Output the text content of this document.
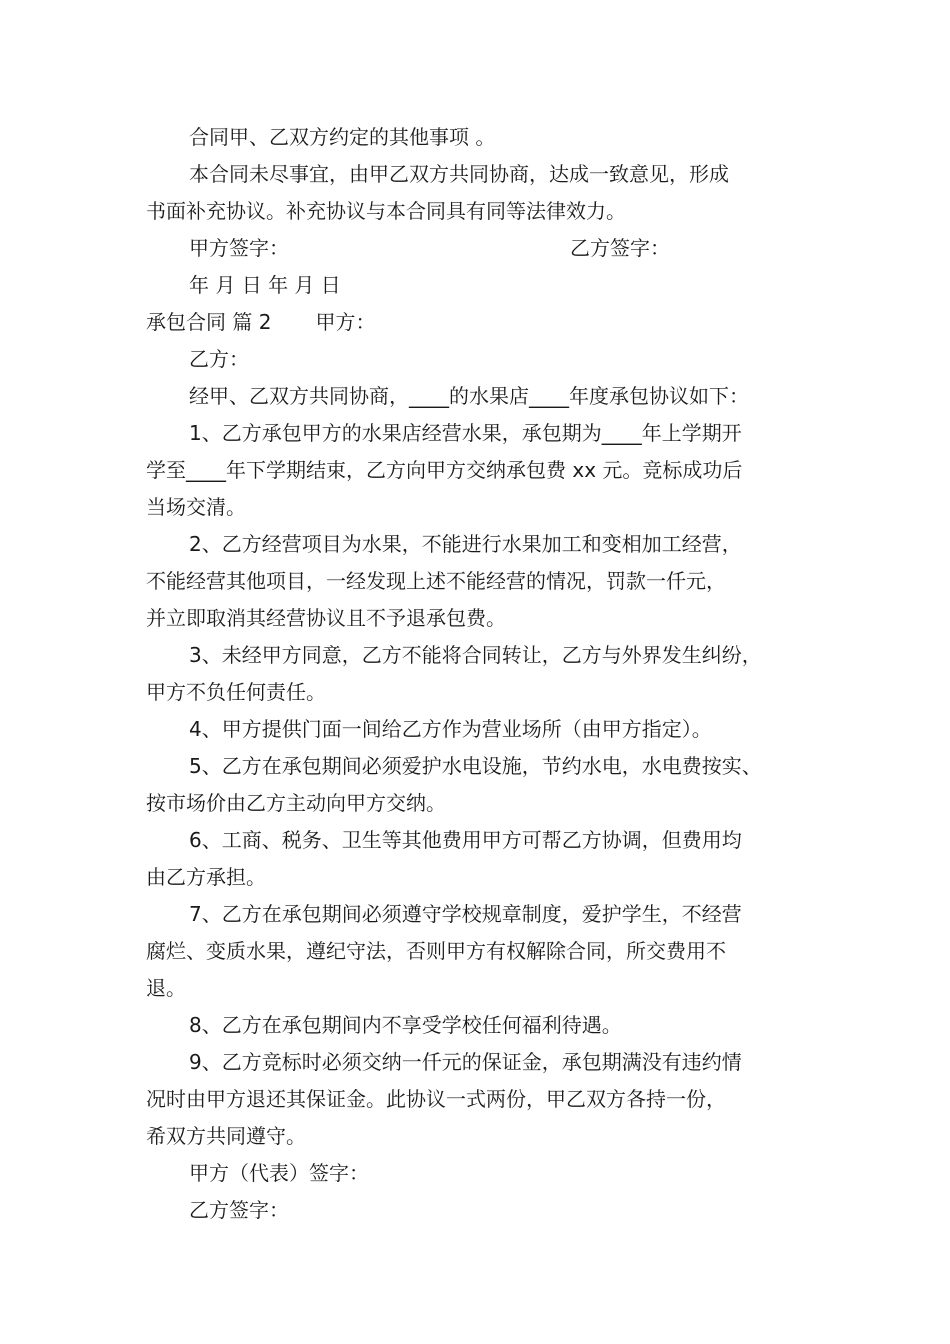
合同甲、乙双方约定的其他事项 。
本合同未尽事宜，由甲乙双方共同协商，达成一致意见，形成
书面补充协议。补充协议与本合同具有同等法律效力。
甲方签字：	乙方签字：
年 月 日 年 月 日
承包合同 篇 2 甲方：
乙方：
经甲、乙双方共同协商，____的水果店____年度承包协议如下：
1、乙方承包甲方的水果店经营水果，承包期为____年上学期开
学至____年下学期结束，乙方向甲方交纳承包费 xx 元。竞标成功后
当场交清。
2、乙方经营项目为水果，不能进行水果加工和变相加工经营，
不能经营其他项目，一经发现上述不能经营的情况，罚款一仟元，
并立即取消其经营协议且不予退承包费。
3、未经甲方同意，乙方不能将合同转让，乙方与外界发生纠纷，
甲方不负任何责任。
4、甲方提供门面一间给乙方作为营业场所（由甲方指定）。
5、乙方在承包期间必须爱护水电设施，节约水电，水电费按实、
按市场价由乙方主动向甲方交纳。
6、工商、税务、卫生等其他费用甲方可帮乙方协调，但费用均
由乙方承担。
7、乙方在承包期间必须遵守学校规章制度，爱护学生，不经营
腐烂、变质水果，遵纪守法，否则甲方有权解除合同，所交费用不
退。
8、乙方在承包期间内不享受学校任何福利待遇。
9、乙方竞标时必须交纳一仟元的保证金，承包期满没有违约情
况时由甲方退还其保证金。此协议一式两份，甲乙双方各持一份，
希双方共同遵守。
甲方（代表）签字：
乙方签字：
